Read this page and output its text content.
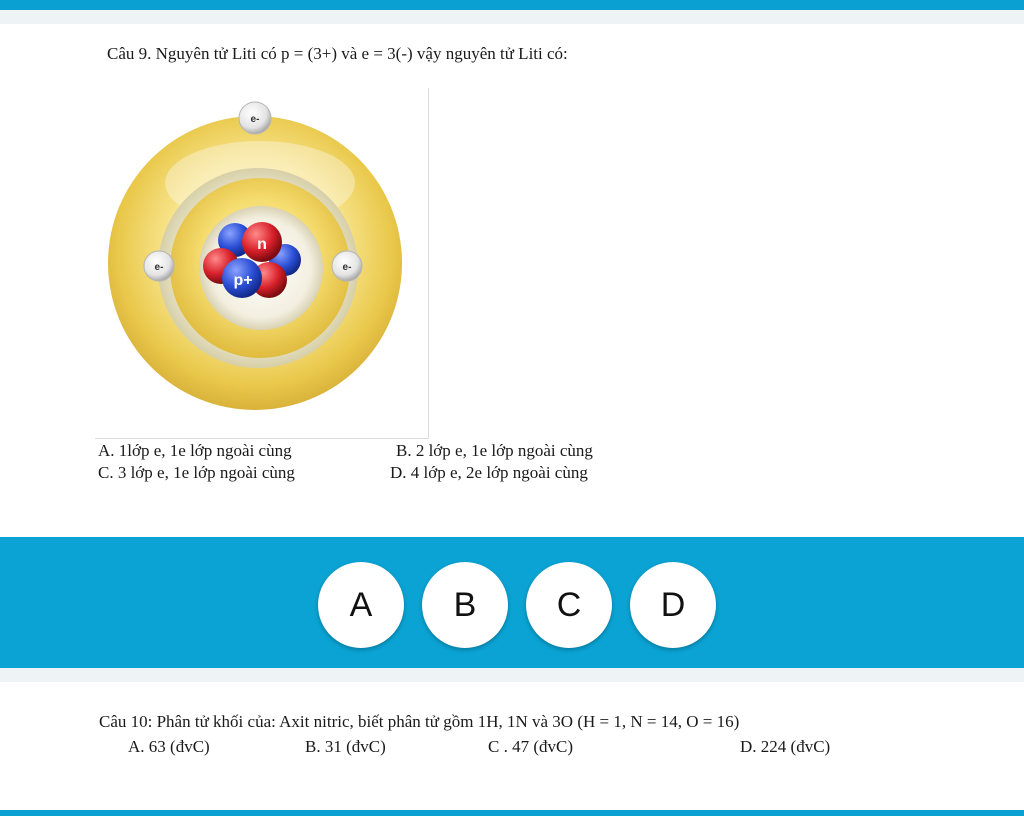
Câu 9. Nguyên tử Liti có p = (3+) và e = 3(-) vậy nguyên tử Liti có:
n
p+
e-
e-	e-
A. 1lớp e, 1e lớp ngoài cùng	B. 2 lớp e, 1e lớp ngoài cùng
C. 3 lớp e, 1e lớp ngoài cùng	D. 4 lớp e, 2e lớp ngoài cùng
A	B	C	D
Câu 10: Phân tử khối của: Axit nitric, biết phân tử gồm 1H, 1N và 3O (H = 1, N = 14, O = 16)
A. 63 (đvC)	B. 31 (đvC)	C . 47 (đvC)	D. 224 (đvC)
